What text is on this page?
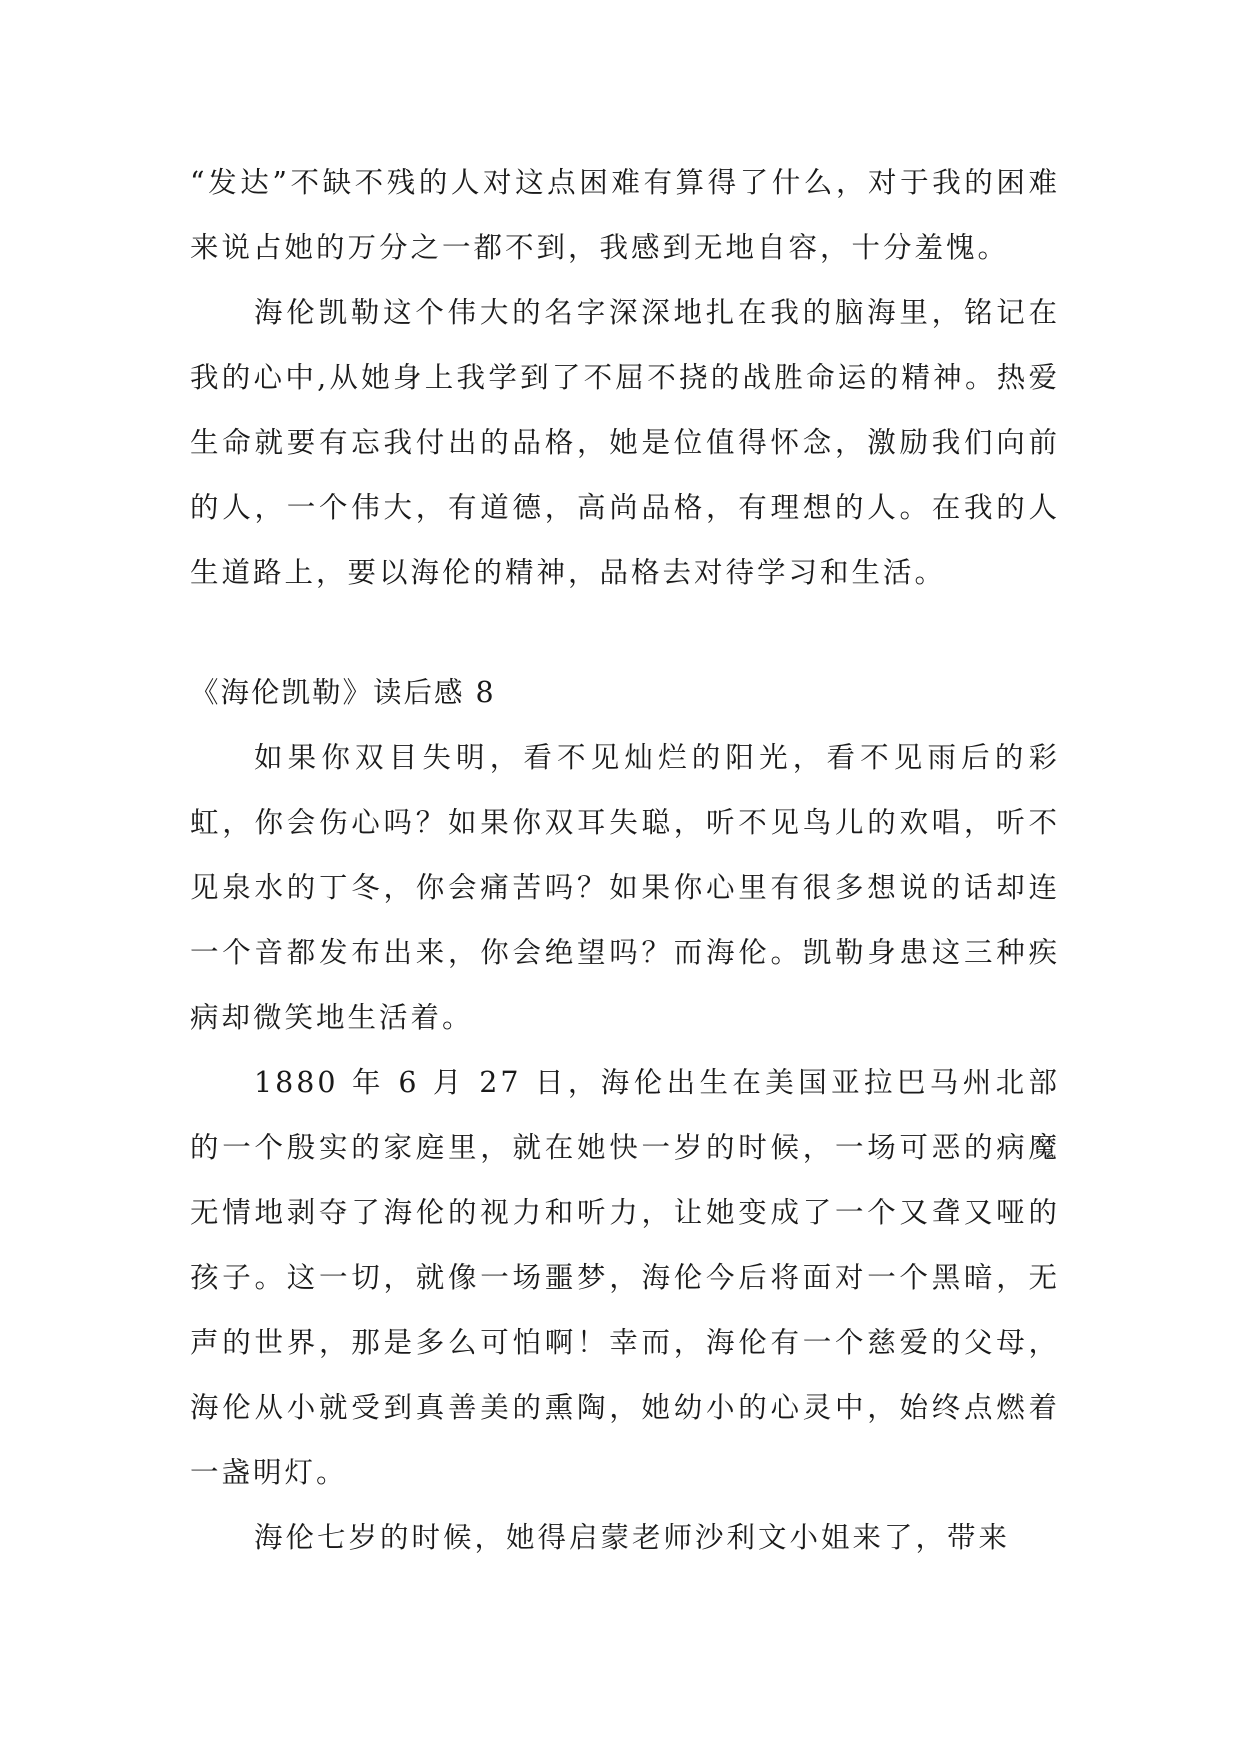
“发达”不缺不残的人对这点困难有算得了什么，对于我的困难来说占她的万分之一都不到，我感到无地自容，十分羞愧。

海伦凯勒这个伟大的名字深深地扎在我的脑海里，铭记在我的心中,从她身上我学到了不屈不挠的战胜命运的精神。热爱生命就要有忘我付出的品格，她是位值得怀念，激励我们向前的人，一个伟大，有道德，高尚品格，有理想的人。在我的人生道路上，要以海伦的精神，品格去对待学习和生活。

《海伦凯勒》读后感 8

如果你双目失明，看不见灿烂的阳光，看不见雨后的彩虹，你会伤心吗？如果你双耳失聪，听不见鸟儿的欢唱，听不见泉水的丁冬，你会痛苦吗？如果你心里有很多想说的话却连一个音都发布出来，你会绝望吗？而海伦。凯勒身患这三种疾病却微笑地生活着。

1880 年 6 月 27 日，海伦出生在美国亚拉巴马州北部的一个殷实的家庭里，就在她快一岁的时候，一场可恶的病魔无情地剥夺了海伦的视力和听力，让她变成了一个又聋又哑的孩子。这一切，就像一场噩梦，海伦今后将面对一个黑暗，无声的世界，那是多么可怕啊！幸而，海伦有一个慈爱的父母，海伦从小就受到真善美的熏陶，她幼小的心灵中，始终点燃着一盏明灯。

海伦七岁的时候，她得启蒙老师沙利文小姐来了，带来
